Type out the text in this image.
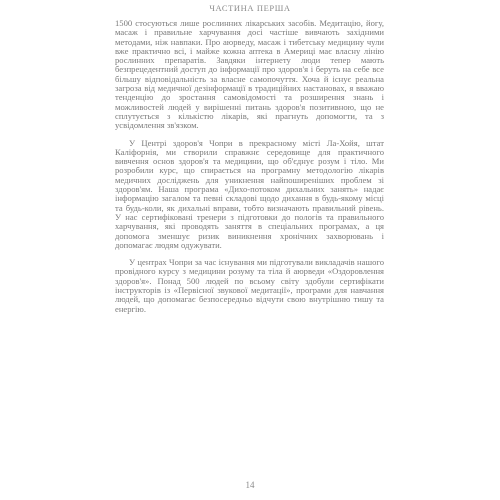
ЧАСТИНА ПЕРША

1500 стосуються лише рослинних лікарських засобів. Медитацію, йогу, масаж і правильне харчування досі частіше вивчають західними методами, ніж навпаки. Про аюрведу, масаж і тибетську медицину чули вже практично всі, і майже кожна аптека в Америці має власну лінію рослинних препаратів. Завдяки інтернету люди тепер мають безпрецедентний доступ до інформації про здоров'я і беруть на себе все більшу відповідальність за власне самопочуття. Хоча й існує реальна загроза від медичної дезінформації в традиційних настановах, я вважаю тенденцію до зростання самовідомості та розширення знань і можливостей людей у вирішенні питань здоров'я позитивною, що не сплутується з кількістю лікарів, які прагнуть допомогти, та з усвідомлення зв'язком.

У Центрі здоров'я Чопри в прекрасному місті Ла-Хойя, штат Каліфорнія, ми створили справжнє середовище для практичного вивчення основ здоров'я та медицини, що об'єднує розум і тіло. Ми розробили курс, що спирається на програмну методологію лікарів медичних досліджень для уникнення найпоширеніших проблем зі здоров'ям. Наша програма «Дихо-потоком дихальних занять» надає інформацію загалом та певні складові щодо дихання в будь-якому місці та будь-коли, як дихальні вправи, тобто визначають правильний рівень. У нас сертифіковані тренери з підготовки до пологів та правильного харчування, які проводять заняття в спеціальних програмах, а ця допомога зменшує ризик виникнення хронічних захворювань і допомагає людям одужувати.

У центрах Чопри за час існування ми підготували викладачів нашого провідного курсу з медицини розуму та тіла й аюрведи «Оздоровлення здоров'я». Понад 500 людей по всьому світу здобули сертифікати інструкторів із «Первісної звукової медитації», програми для навчання людей, що допомагає безпосередньо відчути свою внутрішню тишу та енергію.

14
